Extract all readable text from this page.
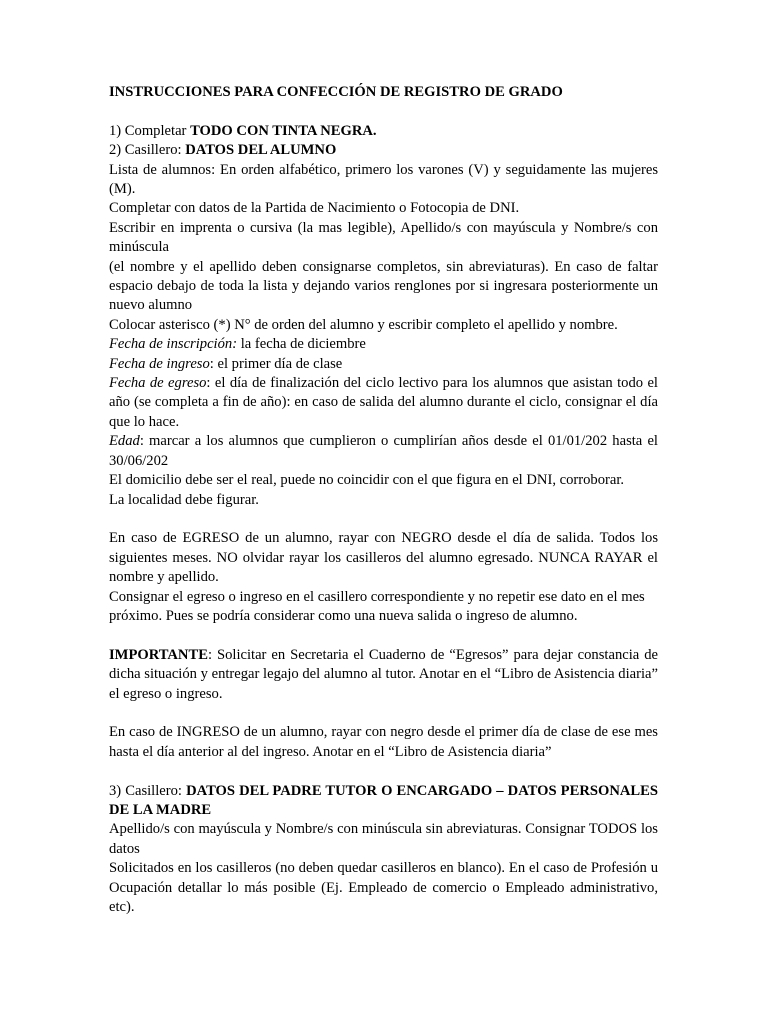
INSTRUCCIONES PARA CONFECCIÓN DE REGISTRO DE GRADO

1) Completar TODO CON TINTA NEGRA.

2) Casillero: DATOS DEL ALUMNO

Lista de alumnos: En orden alfabético, primero los varones (V) y seguidamente las mujeres (M).

Completar con datos de la Partida de Nacimiento o Fotocopia de DNI.

Escribir en imprenta o cursiva (la mas legible), Apellido/s con mayúscula y Nombre/s con minúscula

(el nombre y el apellido deben consignarse completos, sin abreviaturas). En caso de faltar espacio debajo de toda la lista y dejando varios renglones por si ingresara posteriormente un nuevo alumno

Colocar asterisco (*) N° de orden del alumno y escribir completo el apellido y nombre.

Fecha de inscripción: la fecha de diciembre

Fecha de ingreso: el primer día de clase

Fecha de egreso: el día de finalización del ciclo lectivo para los alumnos que asistan todo el año (se completa a fin de año): en caso de salida del alumno durante el ciclo, consignar el día que lo hace.

Edad: marcar a los alumnos que cumplieron o cumplirían años desde el 01/01/202 hasta el 30/06/202

El domicilio debe ser el real, puede no coincidir con el que figura en el DNI, corroborar.

La localidad debe figurar.

En caso de EGRESO de un alumno, rayar con NEGRO desde el día de salida. Todos los siguientes meses. NO olvidar rayar los casilleros del alumno egresado. NUNCA RAYAR el nombre y apellido.

Consignar el egreso o ingreso en el casillero correspondiente y no repetir ese dato en el mes

próximo. Pues se podría considerar como una nueva salida o ingreso de alumno.

IMPORTANTE: Solicitar en Secretaria el Cuaderno de “Egresos” para dejar constancia de dicha situación y entregar legajo del alumno al tutor. Anotar en el “Libro de Asistencia diaria” el egreso o ingreso.

En caso de INGRESO de un alumno, rayar con negro desde el primer día de clase de ese mes hasta el día anterior al del ingreso. Anotar en el “Libro de Asistencia diaria”

3) Casillero: DATOS DEL PADRE TUTOR O ENCARGADO – DATOS PERSONALES DE LA MADRE

Apellido/s con mayúscula y Nombre/s con minúscula sin abreviaturas. Consignar TODOS los datos

Solicitados en los casilleros (no deben quedar casilleros en blanco). En el caso de Profesión u Ocupación detallar lo más posible (Ej. Empleado de comercio o Empleado administrativo, etc).
